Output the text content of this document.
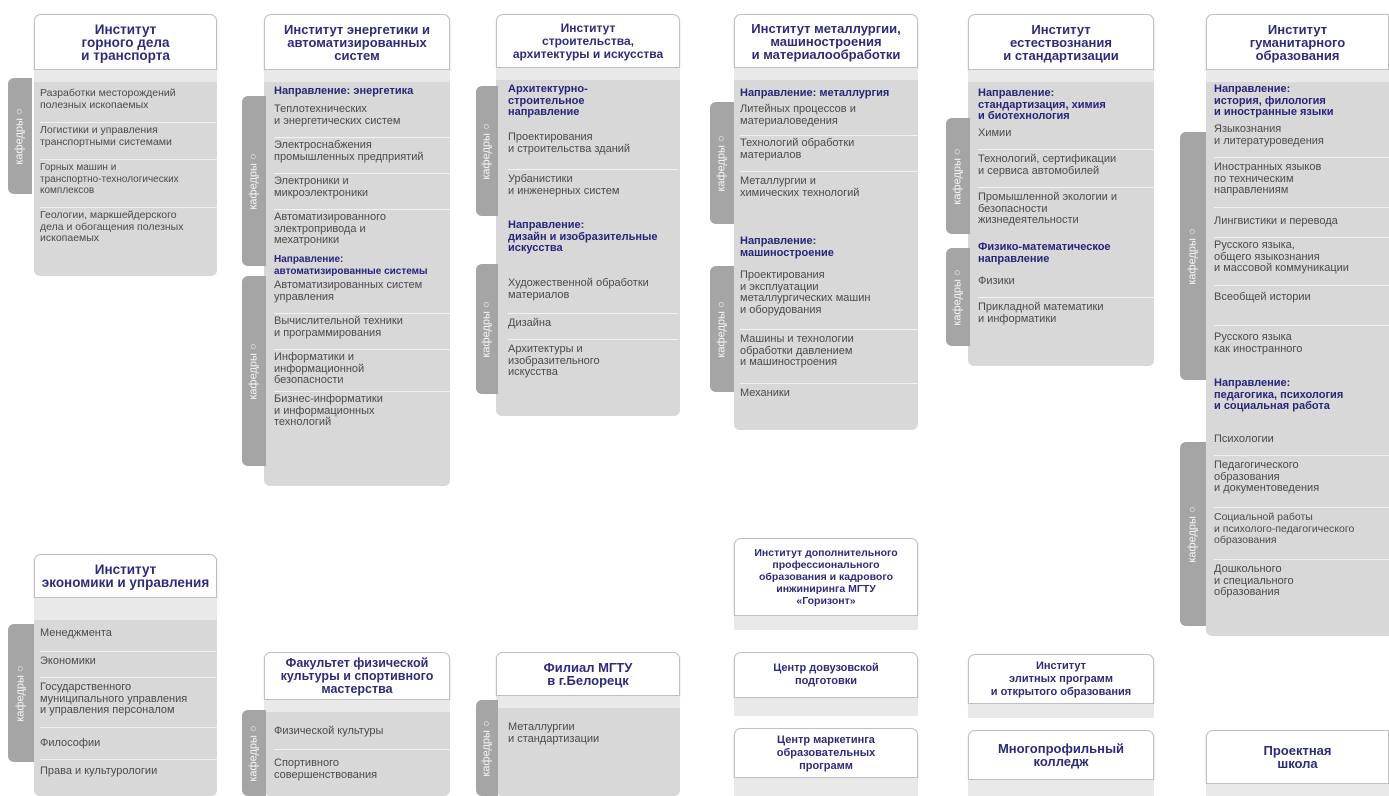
Институт
горного дела
и транспорта
Разработки месторождений
полезных ископаемых
Логистики и управления
транспортными системами
Горных машин и
транспортно-технологических
комплексов
Геологии, маркшейдерского
дела и обогащения полезных
ископаемых
кафедры ○
Институт энергетики и
автоматизированных
систем
Направление: энергетика
Теплотехнических
и энергетических систем
Электроснабжения
промышленных предприятий
Электроники и
микроэлектроники
Автоматизированного
электропривода и
мехатроники
Направление:
автоматизированные системы
Автоматизированных систем
управления
Вычислительной техники
и программирования
Информатики и
информационной
безопасности
Бизнес-информатики
и информационных
технологий
кафедры ○
кафедры ○
Институт
строительства,
архитектуры и искусства
Архитектурно-
строительное
направление
Проектирования
и строительства зданий
Урбанистики
и инженерных систем
Направление:
дизайн и изобразительные
искусства
Художественной обработки
материалов
Дизайна
Архитектуры и
изобразительного
искусства
кафедры ○
кафедры ○
Институт металлургии,
машиностроения
и материалообработки
Направление: металлургия
Литейных процессов и
материаловедения
Технологий обработки
материалов
Металлургии и
химических технологий
Направление:
машиностроение
Проектирования
и эксплуатации
металлургических машин
и оборудования
Машины и технологии
обработки давлением
и машиностроения
Механики
кафедры ○
кафедры ○
Институт
естествознания
и стандартизации
Направление:
стандартизация, химия
и биотехнология
Химии
Технологий, сертификации
и сервиса автомобилей
Промышленной экологии и
безопасности
жизнедеятельности
Физико-математическое
направление
Физики
Прикладной математики
и информатики
кафедры ○
кафедры ○
Институт
гуманитарного
образования
Направление:
история, филология
и иностранные языки
Языкознания
и литературоведения
Иностранных языков
по техническим
направлениям
Лингвистики и перевода
Русского языка,
общего языкознания
и массовой коммуникации
Всеобщей истории
Русского языка
как иностранного
Направление:
педагогика, психология
и социальная работа
Психологии
Педагогического
образования
и документоведения
Социальной работы
и психолого-педагогического
образования
Дошкольного
и специального
образования
кафедры ○
кафедры ○
Институт
экономики и управления
Менеджмента
Экономики
Государственного
муниципального управления
и управления персоналом
Философии
Права и культурологии
кафедры ○
Факультет физической
культуры и спортивного
мастерства
Физической культуры
Спортивного
совершенствования
кафедры ○
Филиал МГТУ
в г.Белорецк
Металлургии
и стандартизации
кафедры ○
Институт дополнительного
профессионального
образования и кадрового
инжиниринга МГТУ
«Горизонт»
Центр довузовской
подготовки
Центр маркетинга
образовательных
программ
Институт
элитных программ
и открытого образования
Многопрофильный
колледж
Проектная
школа
